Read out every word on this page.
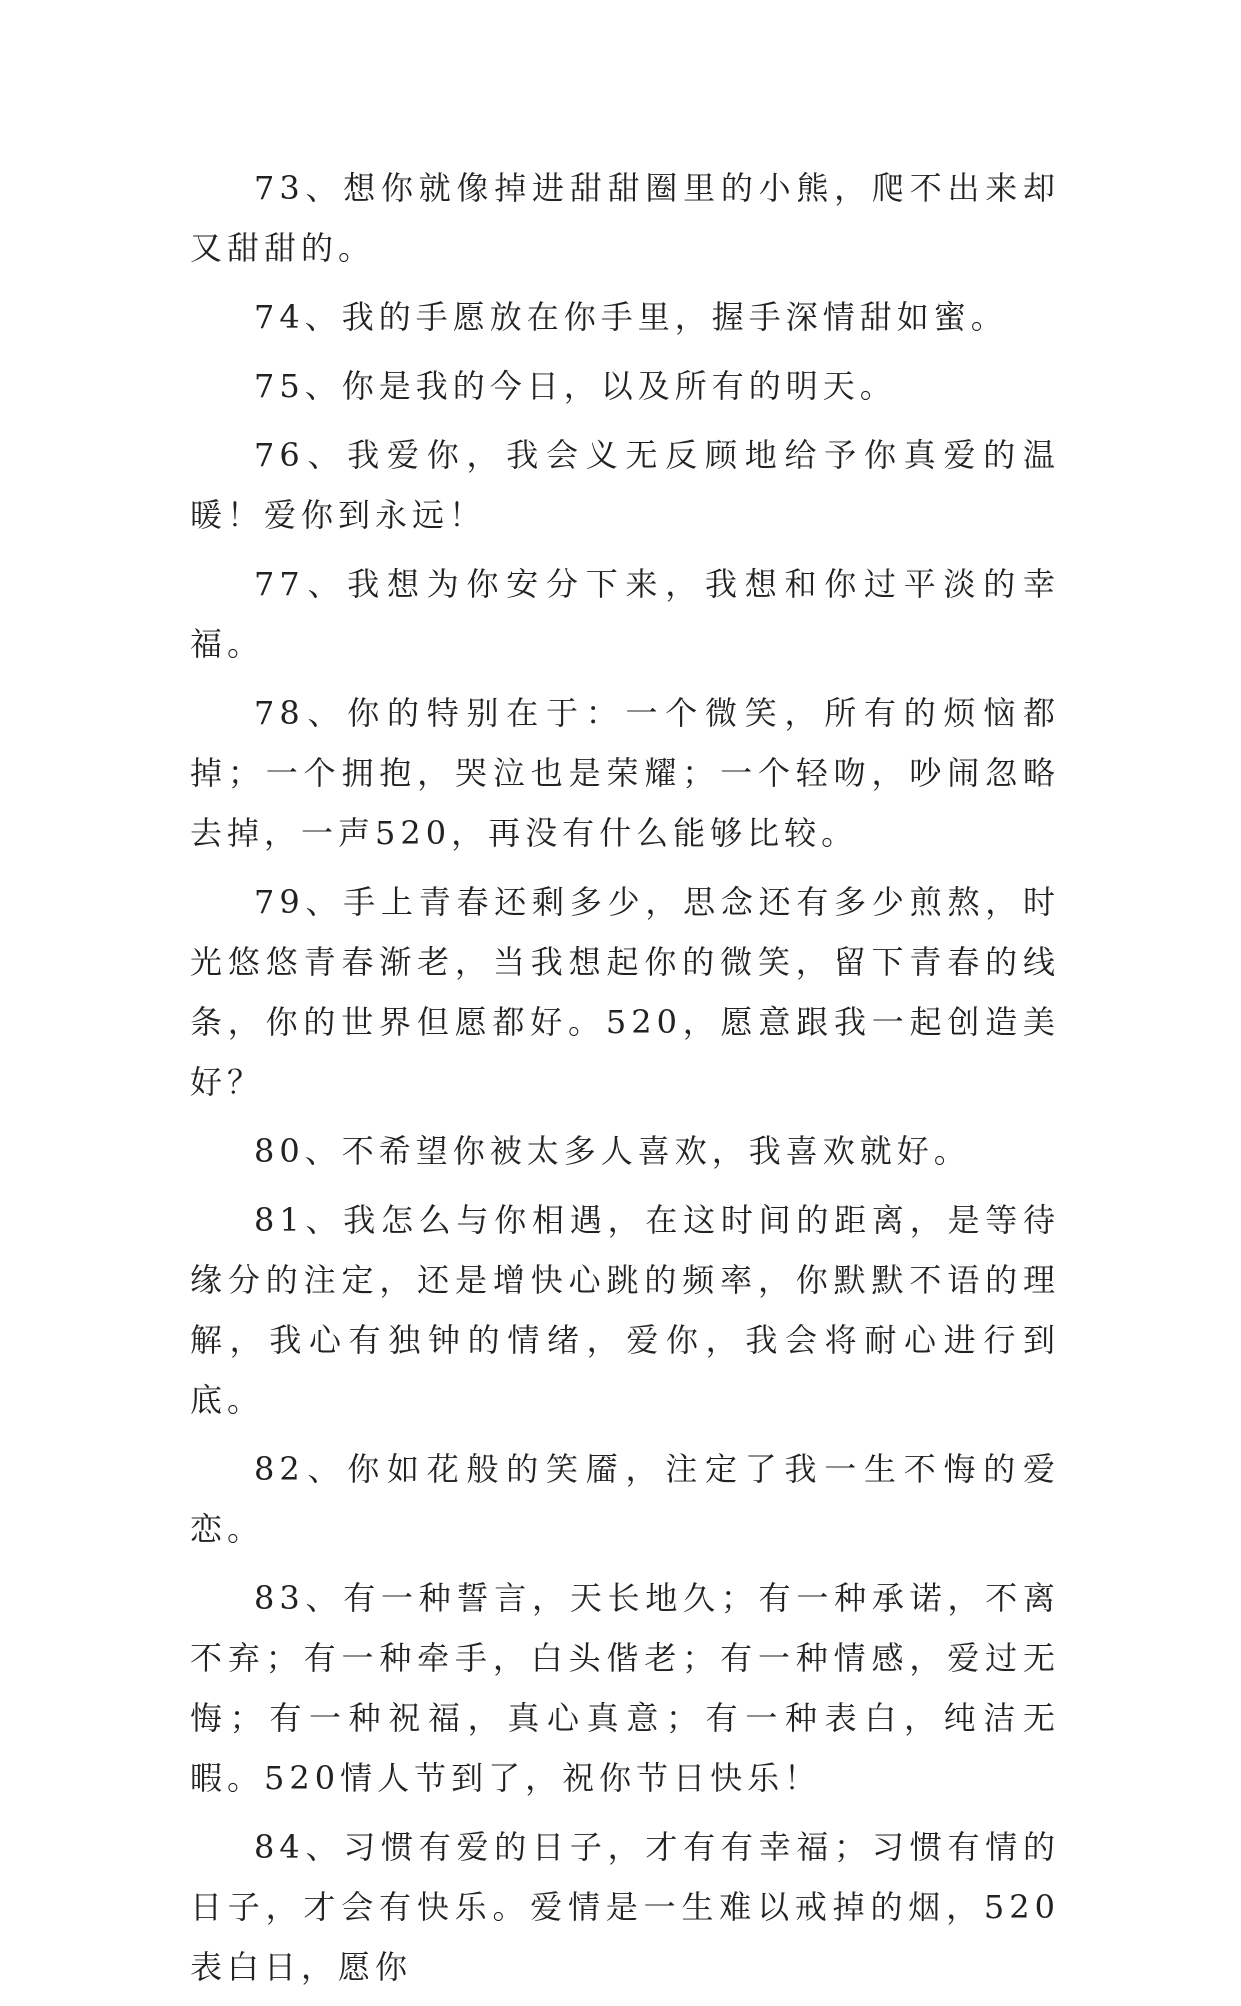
73、想你就像掉进甜甜圈里的小熊，爬不出来却又甜甜的。

74、我的手愿放在你手里，握手深情甜如蜜。

75、你是我的今日，以及所有的明天。

76、我爱你，我会义无反顾地给予你真爱的温暖！爱你到永远！

77、我想为你安分下来，我想和你过平淡的幸福。

78、你的特别在于：一个微笑，所有的烦恼都掉；一个拥抱，哭泣也是荣耀；一个轻吻，吵闹忽略去掉，一声520，再没有什么能够比较。

79、手上青春还剩多少，思念还有多少煎熬，时光悠悠青春渐老，当我想起你的微笑，留下青春的线条，你的世界但愿都好。520，愿意跟我一起创造美好？

80、不希望你被太多人喜欢，我喜欢就好。

81、我怎么与你相遇，在这时间的距离，是等待缘分的注定，还是增快心跳的频率，你默默不语的理解，我心有独钟的情绪，爱你，我会将耐心进行到底。

82、你如花般的笑靥，注定了我一生不悔的爱恋。

83、有一种誓言，天长地久；有一种承诺，不离不弃；有一种牵手，白头偕老；有一种情感，爱过无悔；有一种祝福，真心真意；有一种表白，纯洁无暇。520情人节到了，祝你节日快乐！

84、习惯有爱的日子，才有有幸福；习惯有情的日子，才会有快乐。爱情是一生难以戒掉的烟，520表白日，愿你
